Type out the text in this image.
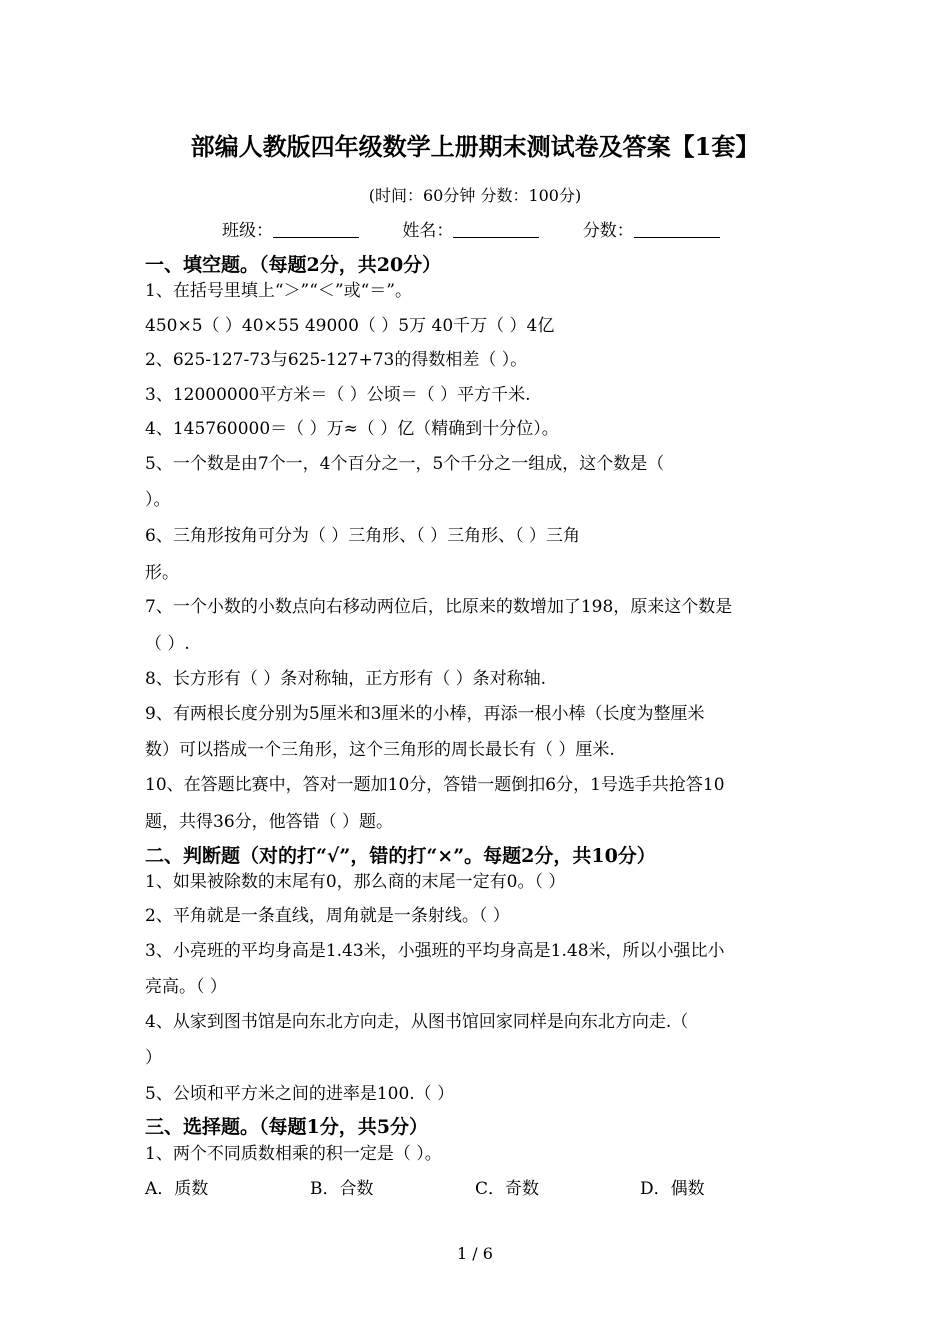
部编人教版四年级数学上册期末测试卷及答案【1套】
(时间：60分钟 分数：100分)
班级：	姓名：	分数：
一、填空题。（每题2分，共20分）
1、在括号里填上“＞”“＜”或“＝”。
450×5（ ）40×55 49000（ ）5万 40千万（ ）4亿
2、625-127-73与625-127+73的得数相差（ ）。
3、12000000平方米＝（ ）公顷＝（ ）平方千米.
4、145760000＝（ ）万≈（ ）亿（精确到十分位）。
5、一个数是由7个一，4个百分之一，5个千分之一组成，这个数是（
）。
6、三角形按角可分为（ ）三角形、（ ）三角形、（ ）三角
形。
7、一个小数的小数点向右移动两位后，比原来的数增加了198，原来这个数是
（ ）.
8、长方形有（ ）条对称轴，正方形有（ ）条对称轴.
9、有两根长度分别为5厘米和3厘米的小棒，再添一根小棒（长度为整厘米
数）可以搭成一个三角形，这个三角形的周长最长有（ ）厘米.
10、在答题比赛中，答对一题加10分，答错一题倒扣6分，1号选手共抢答10
题，共得36分，他答错（ ）题。
二、判断题（对的打“√”，错的打“×”。每题2分，共10分）
1、如果被除数的末尾有0，那么商的末尾一定有0。（ ）
2、平角就是一条直线，周角就是一条射线。（ ）
3、小亮班的平均身高是1.43米，小强班的平均身高是1.48米，所以小强比小
亮高。（ ）
4、从家到图书馆是向东北方向走，从图书馆回家同样是向东北方向走.（
）
5、公顷和平方米之间的进率是100.（ ）
三、选择题。（每题1分，共5分）
1、两个不同质数相乘的积一定是（ ）。
A．质数	B．合数	C．奇数	D．偶数
1 / 6
